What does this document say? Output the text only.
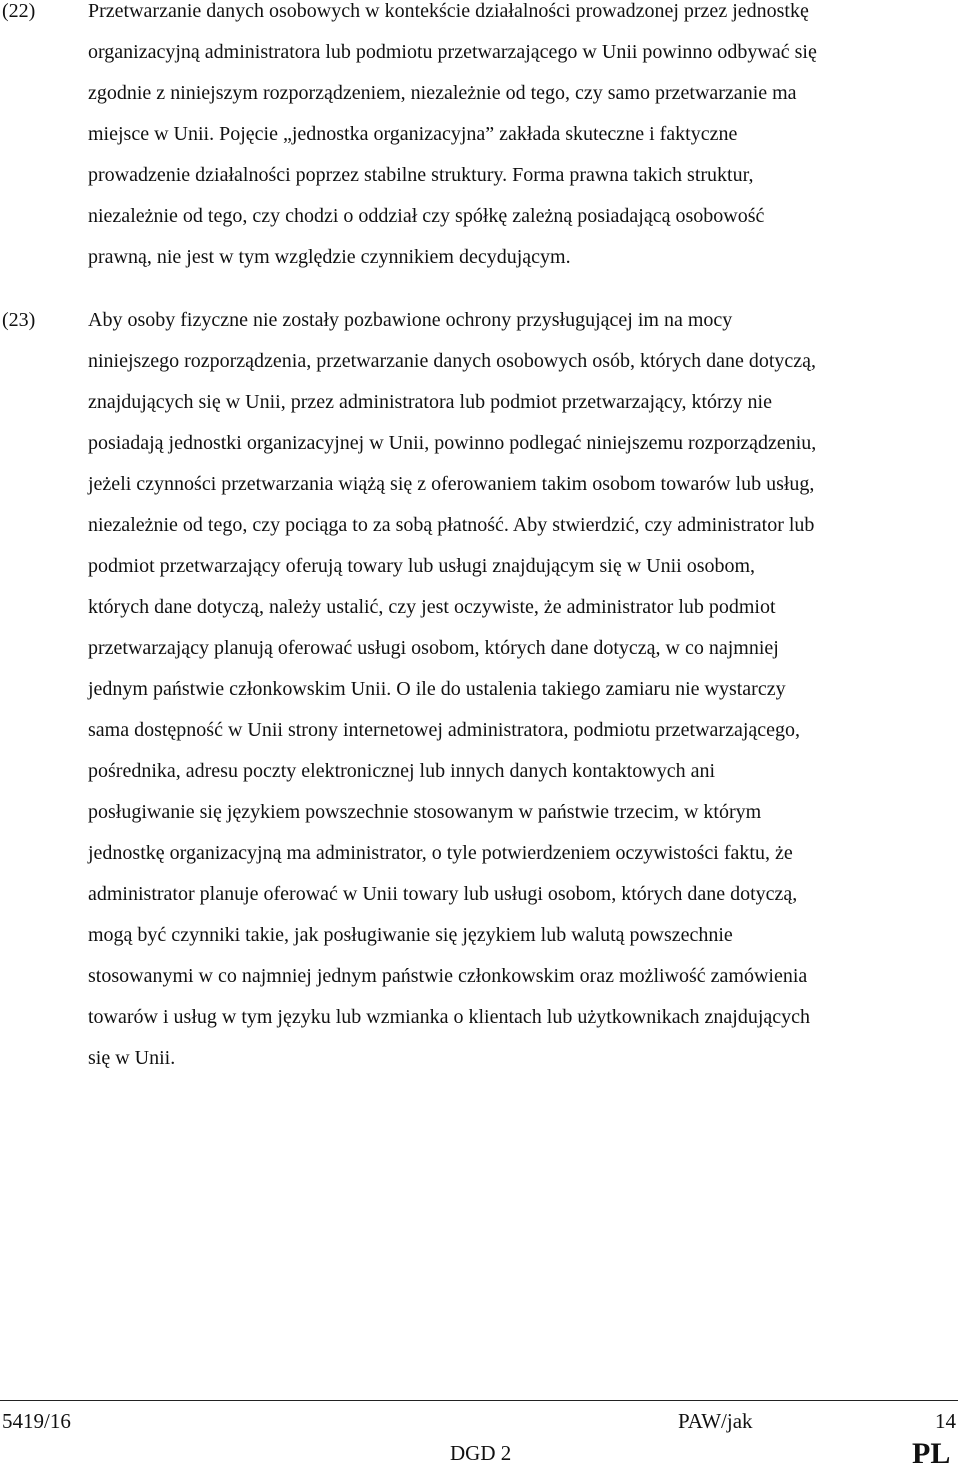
(22)	Przetwarzanie danych osobowych w kontekście działalności prowadzonej przez jednostkę
organizacyjną administratora lub podmiotu przetwarzającego w Unii powinno odbywać się
zgodnie z niniejszym rozporządzeniem, niezależnie od tego, czy samo przetwarzanie ma
miejsce w Unii. Pojęcie „jednostka organizacyjna” zakłada skuteczne i faktyczne
prowadzenie działalności poprzez stabilne struktury. Forma prawna takich struktur,
niezależnie od tego, czy chodzi o oddział czy spółkę zależną posiadającą osobowość
prawną, nie jest w tym względzie czynnikiem decydującym.
(23)	Aby osoby fizyczne nie zostały pozbawione ochrony przysługującej im na mocy
niniejszego rozporządzenia, przetwarzanie danych osobowych osób, których dane dotyczą,
znajdujących się w Unii, przez administratora lub podmiot przetwarzający, którzy nie
posiadają jednostki organizacyjnej w Unii, powinno podlegać niniejszemu rozporządzeniu,
jeżeli czynności przetwarzania wiążą się z oferowaniem takim osobom towarów lub usług,
niezależnie od tego, czy pociąga to za sobą płatność. Aby stwierdzić, czy administrator lub
podmiot przetwarzający oferują towary lub usługi znajdującym się w Unii osobom,
których dane dotyczą, należy ustalić, czy jest oczywiste, że administrator lub podmiot
przetwarzający planują oferować usługi osobom, których dane dotyczą, w co najmniej
jednym państwie członkowskim Unii. O ile do ustalenia takiego zamiaru nie wystarczy
sama dostępność w Unii strony internetowej administratora, podmiotu przetwarzającego,
pośrednika, adresu poczty elektronicznej lub innych danych kontaktowych ani
posługiwanie się językiem powszechnie stosowanym w państwie trzecim, w którym
jednostkę organizacyjną ma administrator, o tyle potwierdzeniem oczywistości faktu, że
administrator planuje oferować w Unii towary lub usługi osobom, których dane dotyczą,
mogą być czynniki takie, jak posługiwanie się językiem lub walutą powszechnie
stosowanymi w co najmniej jednym państwie członkowskim oraz możliwość zamówienia
towarów i usług w tym języku lub wzmianka o klientach lub użytkownikach znajdujących
się w Unii.
5419/16	PAW/jak	14
DGD 2	PL
